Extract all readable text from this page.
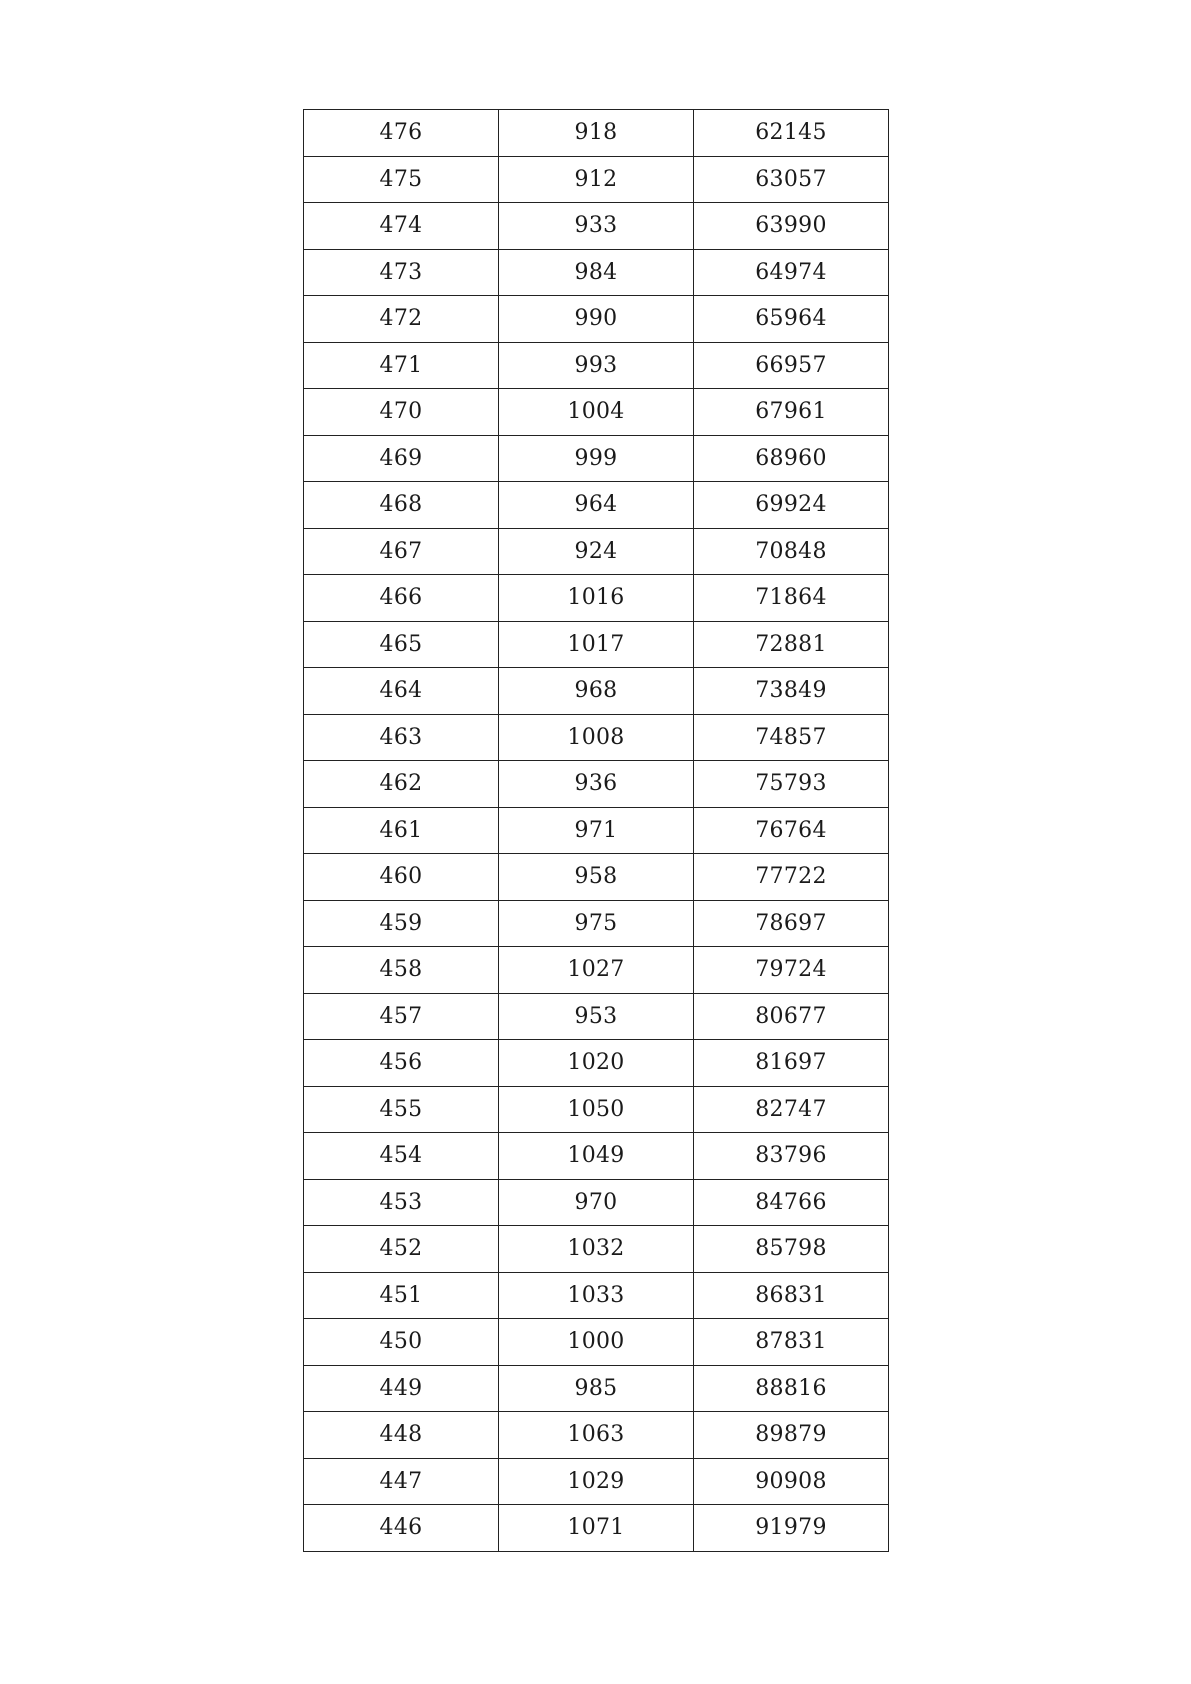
476	918	62145
475	912	63057
474	933	63990
473	984	64974
472	990	65964
471	993	66957
470	1004	67961
469	999	68960
468	964	69924
467	924	70848
466	1016	71864
465	1017	72881
464	968	73849
463	1008	74857
462	936	75793
461	971	76764
460	958	77722
459	975	78697
458	1027	79724
457	953	80677
456	1020	81697
455	1050	82747
454	1049	83796
453	970	84766
452	1032	85798
451	1033	86831
450	1000	87831
449	985	88816
448	1063	89879
447	1029	90908
446	1071	91979
